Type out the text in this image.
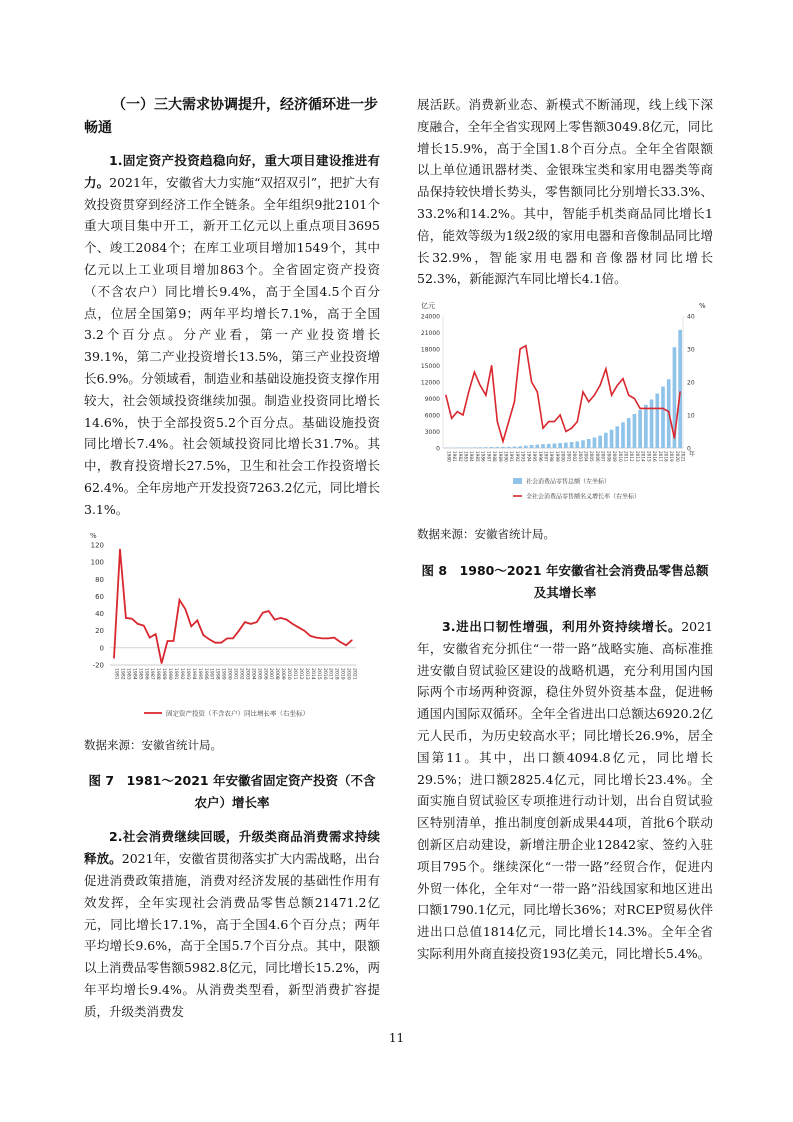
（一）三大需求协调提升，经济循环进一步畅通

1.固定资产投资趋稳向好，重大项目建设推进有力。2021年，安徽省大力实施“双招双引”，把扩大有效投资贯穿到经济工作全链条。全年组织9批2101个重大项目集中开工，新开工亿元以上重点项目3695个、竣工2084个；在库工业项目增加1549个，其中亿元以上工业项目增加863个。全省固定资产投资（不含农户）同比增长9.4%，高于全国4.5个百分点，位居全国第9；两年平均增长7.1%，高于全国3.2个百分点。分产业看，第一产业投资增长39.1%，第二产业投资增长13.5%，第三产业投资增长6.9%。分领域看，制造业和基础设施投资支撑作用较大，社会领域投资继续加强。制造业投资同比增长14.6%，快于全部投资5.2个百分点。基础设施投资同比增长7.4%。社会领域投资同比增长31.7%。其中，教育投资增长27.5%，卫生和社会工作投资增长62.4%。全年房地产开发投资7263.2亿元，同比增长3.1%。

%
-20
0
20
40
60
80
100
120
1981 1982 1983 1984 1985 1986 1987 1988 1989 1990 1991 1992 1993 1994 1995 1996 1997 1998 1999 2000 2001 2002 2003 2004 2005 2006 2007 2008 2009 2010 2011 2012 2013 2014 2015 2016 2017 2018 2019 2020 2021
固定资产投资（不含农户）同比增长率（右坐标）

数据来源：安徽省统计局。

图 7　1981～2021 年安徽省固定资产投资（不含农户）增长率

2.社会消费继续回暖，升级类商品消费需求持续释放。2021年，安徽省贯彻落实扩大内需战略，出台促进消费政策措施，消费对经济发展的基础性作用有效发挥，全年实现社会消费品零售总额21471.2亿元，同比增长17.1%，高于全国4.6个百分点；两年平均增长9.6%，高于全国5.7个百分点。其中，限额以上消费品零售额5982.8亿元，同比增长15.2%，两年平均增长9.4%。从消费类型看，新型消费扩容提质，升级类消费发

展活跃。消费新业态、新模式不断涌现，线上线下深度融合，全年全省实现网上零售额3049.8亿元，同比增长15.9%，高于全国1.8个百分点。全年全省限额以上单位通讯器材类、金银珠宝类和家用电器类等商品保持较快增长势头，零售额同比分别增长33.3%、33.2%和14.2%。其中，智能手机类商品同比增长1倍，能效等级为1级2级的家用电器和音像制品同比增长32.9%，智能家用电器和音像器材同比增长52.3%，新能源汽车同比增长4.1倍。

亿元	%
0
3000
6000
9000
12000
15000
18000
21000
24000
0
10
20
30
40
1980 1981 1982 1983 1984 1985 1986 1987 1988 1989 1990 1991 1992 1993 1994 1995 1996 1997 1998 1999 2000 2001 2002 2003 2004 2005 2006 2007 2008 2009 2010 2011 2012 2013 2014 2015 2016 2017 2018 2019 2020 2021 年
社会消费品零售总额（左坐标）
全社会消费品零售额名义增长率（右坐标）

数据来源：安徽省统计局。

图 8　1980～2021 年安徽省社会消费品零售总额及其增长率

3.进出口韧性增强，利用外资持续增长。2021年，安徽省充分抓住“一带一路”战略实施、高标准推进安徽自贸试验区建设的战略机遇，充分利用国内国际两个市场两种资源，稳住外贸外资基本盘，促进畅通国内国际双循环。全年全省进出口总额达6920.2亿元人民币，为历史较高水平；同比增长26.9%，居全国第11。其中，出口额4094.8亿元，同比增长29.5%；进口额2825.4亿元，同比增长23.4%。全面实施自贸试验区专项推进行动计划，出台自贸试验区特别清单，推出制度创新成果44项，首批6个联动创新区启动建设，新增注册企业12842家、签约入驻项目795个。继续深化“一带一路”经贸合作，促进内外贸一体化，全年对“一带一路”沿线国家和地区进出口额1790.1亿元，同比增长36%；对RCEP贸易伙伴进出口总值1814亿元，同比增长14.3%。全年全省实际利用外商直接投资193亿美元，同比增长5.4%。

11
